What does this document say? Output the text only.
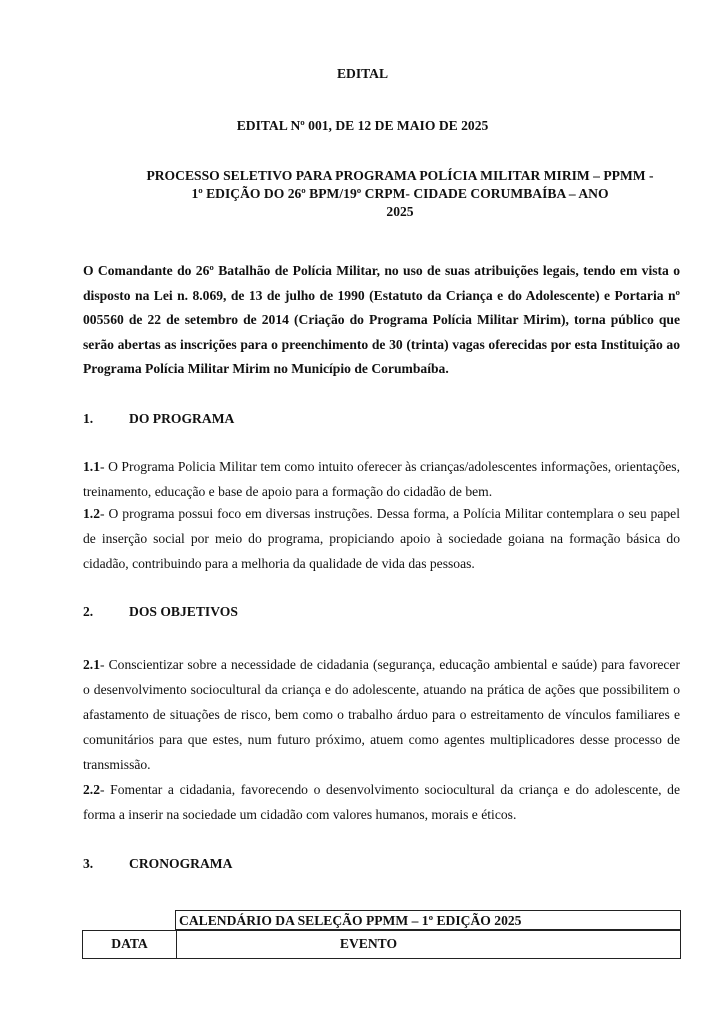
EDITAL
EDITAL Nº 001, DE 12 DE MAIO DE 2025
PROCESSO SELETIVO PARA PROGRAMA POLÍCIA MILITAR MIRIM – PPMM -
1º EDIÇÃO DO 26º BPM/19º CRPM- CIDADE CORUMBAÍBA – ANO
2025
O Comandante do 26º Batalhão de Polícia Militar, no uso de suas atribuições legais, tendo em vista o disposto na Lei n. 8.069, de 13 de julho de 1990 (Estatuto da Criança e do Adolescente) e Portaria nº 005560 de 22 de setembro de 2014 (Criação do Programa Polícia Militar Mirim), torna público que serão abertas as inscrições para o preenchimento de 30 (trinta) vagas oferecidas por esta Instituição ao Programa Polícia Militar Mirim no Município de Corumbaíba.
1.	DO PROGRAMA
1.1- O Programa Policia Militar tem como intuito oferecer às crianças/adolescentes informações, orientações, treinamento, educação e base de apoio para a formação do cidadão de bem.
1.2- O programa possui foco em diversas instruções. Dessa forma, a Polícia Militar contemplara o seu papel de inserção social por meio do programa, propiciando apoio à sociedade goiana na formação básica do cidadão, contribuindo para a melhoria da qualidade de vida das pessoas.
2.	DOS OBJETIVOS
2.1- Conscientizar sobre a necessidade de cidadania (segurança, educação ambiental e saúde) para favorecer o desenvolvimento sociocultural da criança e do adolescente, atuando na prática de ações que possibilitem o afastamento de situações de risco, bem como o trabalho árduo para o estreitamento de vínculos familiares e comunitários para que estes, num futuro próximo, atuem como agentes multiplicadores desse processo de transmissão.
2.2- Fomentar a cidadania, favorecendo o desenvolvimento sociocultural da criança e do adolescente, de forma a inserir na sociedade um cidadão com valores humanos, morais e éticos.
3.	CRONOGRAMA
CALENDÁRIO DA SELEÇÃO PPMM – 1º EDIÇÃO 2025
DATA	EVENTO
